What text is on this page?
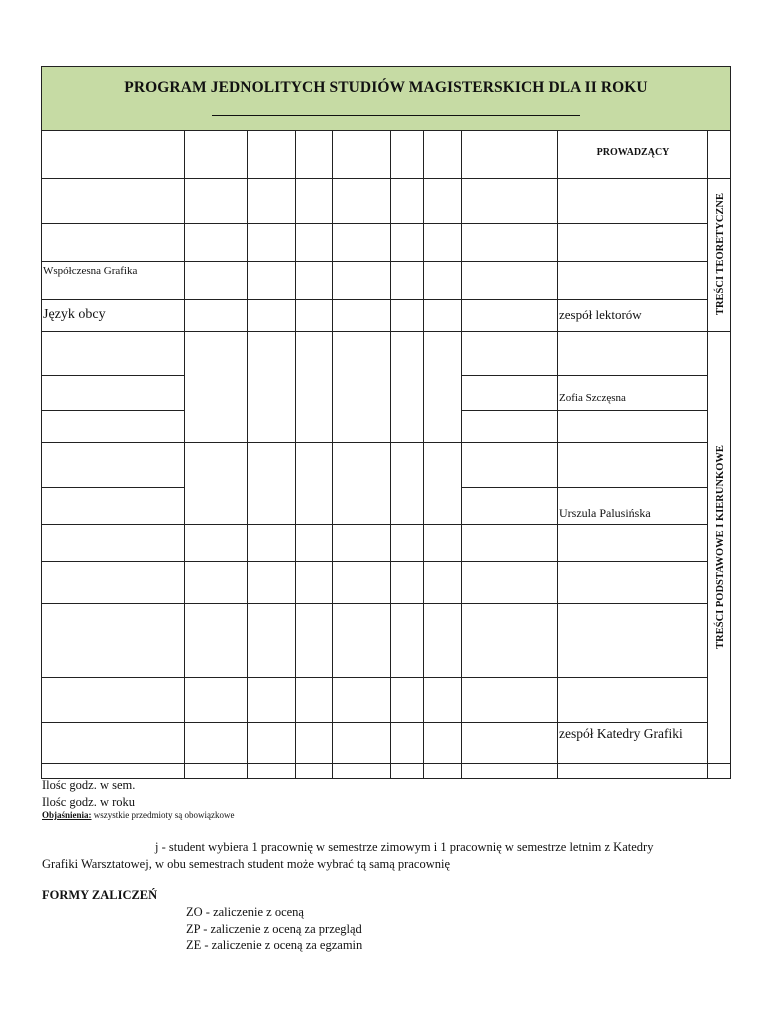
PROGRAM JEDNOLITYCH STUDIÓW MAGISTERSKICH DLA II ROKU
TREŚCI TEORETYCZNE
TREŚCI PODSTAWOWE I KIERUNKOWE
PROWADZĄCY
Współczesna Grafika
Język obcy	zespół lektorów
Zofia Szczęsna
Urszula Palusińska
zespół Katedry Grafiki
Ilośc godz. w sem.
Ilośc godz. w roku
Objaśnienia: wszystkie przedmioty są obowiązkowe
j - student wybiera 1 pracownię w semestrze zimowym i 1 pracownię w semestrze letnim z Katedry
Grafiki Warsztatowej, w obu semestrach student może wybrać tą samą pracownię
FORMY ZALICZEŃ
ZO - zaliczenie z oceną
ZP - zaliczenie z oceną za przegląd
ZE - zaliczenie z oceną za egzamin
